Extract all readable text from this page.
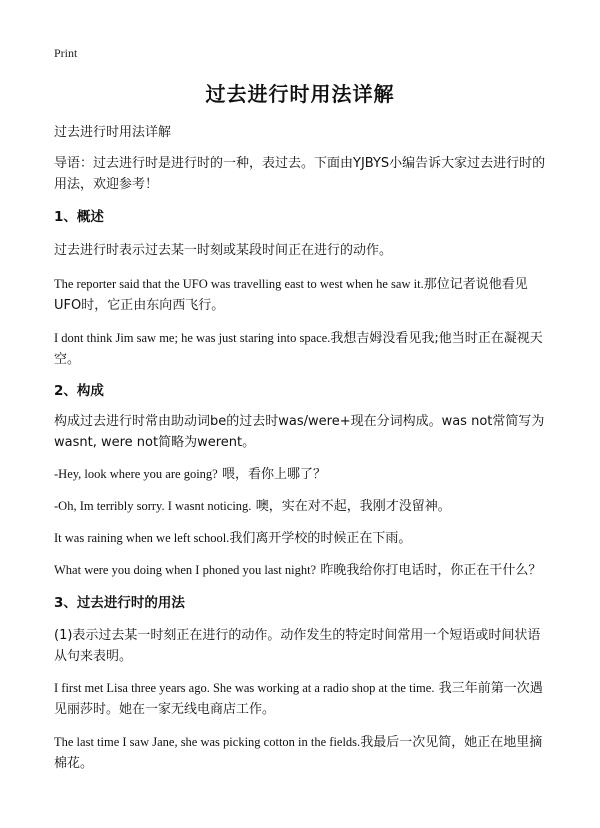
Print
过去进行时用法详解

过去进行时用法详解

导语：过去进行时是进行时的一种，表过去。下面由YJBYS小编告诉大家过去进行时的用法，欢迎参考！

1、概述

过去进行时表示过去某一时刻或某段时间正在进行的动作。

The reporter said that the UFO was travelling east to west when he saw it.那位记者说他看见UFO时，它正由东向西飞行。

I dont think Jim saw me; he was just staring into space.我想吉姆没看见我;他当时正在凝视天空。

2、构成

构成过去进行时常由助动词be的过去时was/were+现在分词构成。was not常简写为wasnt, were not简略为werent。

-Hey, look where you are going? 喂，看你上哪了？

-Oh, Im terribly sorry. I wasnt noticing. 噢，实在对不起，我刚才没留神。

It was raining when we left school.我们离开学校的时候正在下雨。

What were you doing when I phoned you last night? 昨晚我给你打电话时，你正在干什么？

3、过去进行时的用法

(1)表示过去某一时刻正在进行的动作。动作发生的特定时间常用一个短语或时间状语从句来表明。

I first met Lisa three years ago. She was working at a radio shop at the time. 我三年前第一次遇见丽莎时。她在一家无线电商店工作。

The last time I saw Jane, she was picking cotton in the fields.我最后一次见简，她正在地里摘棉花。
